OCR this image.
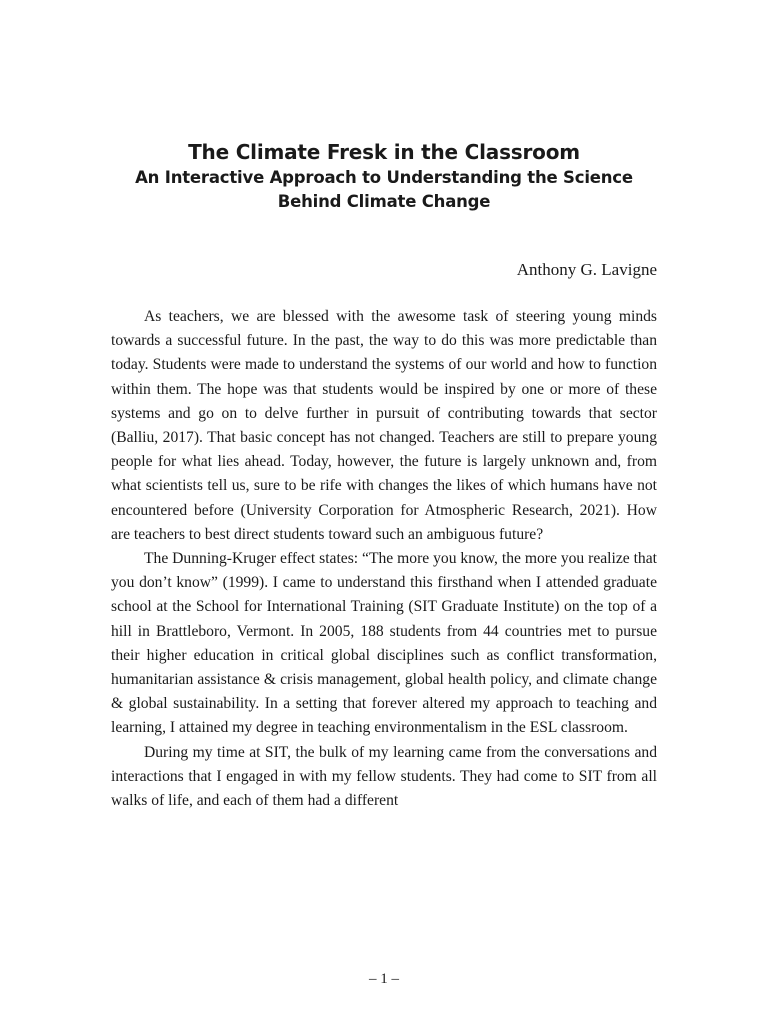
The Climate Fresk in the Classroom
An Interactive Approach to Understanding the Science
Behind Climate Change
Anthony G. Lavigne

As teachers, we are blessed with the awesome task of steering young minds towards a successful future. In the past, the way to do this was more predictable than today. Students were made to understand the systems of our world and how to function within them. The hope was that students would be inspired by one or more of these systems and go on to delve further in pursuit of contributing towards that sector (Balliu, 2017). That basic concept has not changed. Teachers are still to prepare young people for what lies ahead. Today, however, the future is largely unknown and, from what scientists tell us, sure to be rife with changes the likes of which humans have not encountered before (University Corporation for Atmospheric Research, 2021). How are teachers to best direct students toward such an ambiguous future?

The Dunning-Kruger effect states: “The more you know, the more you realize that you don’t know” (1999). I came to understand this firsthand when I attended graduate school at the School for International Training (SIT Graduate Institute) on the top of a hill in Brattleboro, Vermont. In 2005, 188 students from 44 countries met to pursue their higher education in critical global disciplines such as conflict transformation, humanitarian assistance & crisis management, global health policy, and climate change & global sustainability. In a setting that forever altered my approach to teaching and learning, I attained my degree in teaching environmentalism in the ESL classroom.

During my time at SIT, the bulk of my learning came from the conversations and interactions that I engaged in with my fellow students. They had come to SIT from all walks of life, and each of them had a different

– 1 –
